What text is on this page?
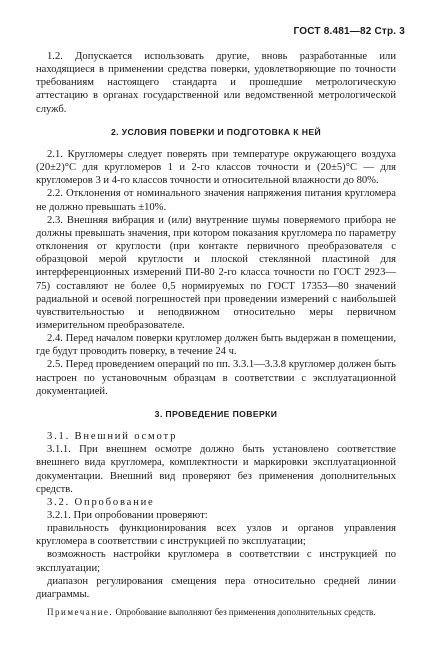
ГОСТ 8.481—82 Стр. 3

1.2. Допускается использовать другие, вновь разработанные или находящиеся в применении средства поверки, удовлетворяющие по точности требованиям настоящего стандарта и прошедшие метрологическую аттестацию в органах государственной или ведомственной метрологической служб.

2. УСЛОВИЯ ПОВЕРКИ И ПОДГОТОВКА К НЕЙ

2.1. Кругломеры следует поверять при температуре окружающего воздуха (20±2)°С для кругломеров 1 и 2-го классов точности и (20±5)°С — для кругломеров 3 и 4-го классов точности и относительной влажности до 80%.

2.2. Отклонения от номинального значения напряжения питания кругломера не должно превышать ±10%.

2.3. Внешняя вибрация и (или) внутренние шумы поверяемого прибора не должны превышать значения, при котором показания кругломера по параметру отклонения от круглости (при контакте первичного преобразователя с образцовой мерой круглости и плоской стеклянной пластиной для интерференционных измерений ПИ-80 2-го класса точности по ГОСТ 2923—75) составляют не более 0,5 нормируемых по ГОСТ 17353—80 значений радиальной и осевой погрешностей при проведении измерений с наибольшей чувствительностью и неподвижном относительно меры первичном измерительном преобразователе.

2.4. Перед началом поверки кругломер должен быть выдержан в помещении, где будут проводить поверку, в течение 24 ч.

2.5. Перед проведением операций по пп. 3.3.1—3.3.8 кругломер должен быть настроен по установочным образцам в соответствии с эксплуатационной документацией.

3. ПРОВЕДЕНИЕ ПОВЕРКИ

3.1. Внешний осмотр

3.1.1. При внешнем осмотре должно быть установлено соответствие внешнего вида кругломера, комплектности и маркировки эксплуатационной документации. Внешний вид проверяют без применения дополнительных средств.

3.2. Опробование

3.2.1. При опробовании проверяют:

правильность функционирования всех узлов и органов управления кругломера в соответствии с инструкцией по эксплуатации;

возможность настройки кругломера в соответствии с инструкцией по эксплуатации;

диапазон регулирования смещения пера относительно средней линии диаграммы.

Примечание. Опробование выполняют без применения дополнительных средств.
